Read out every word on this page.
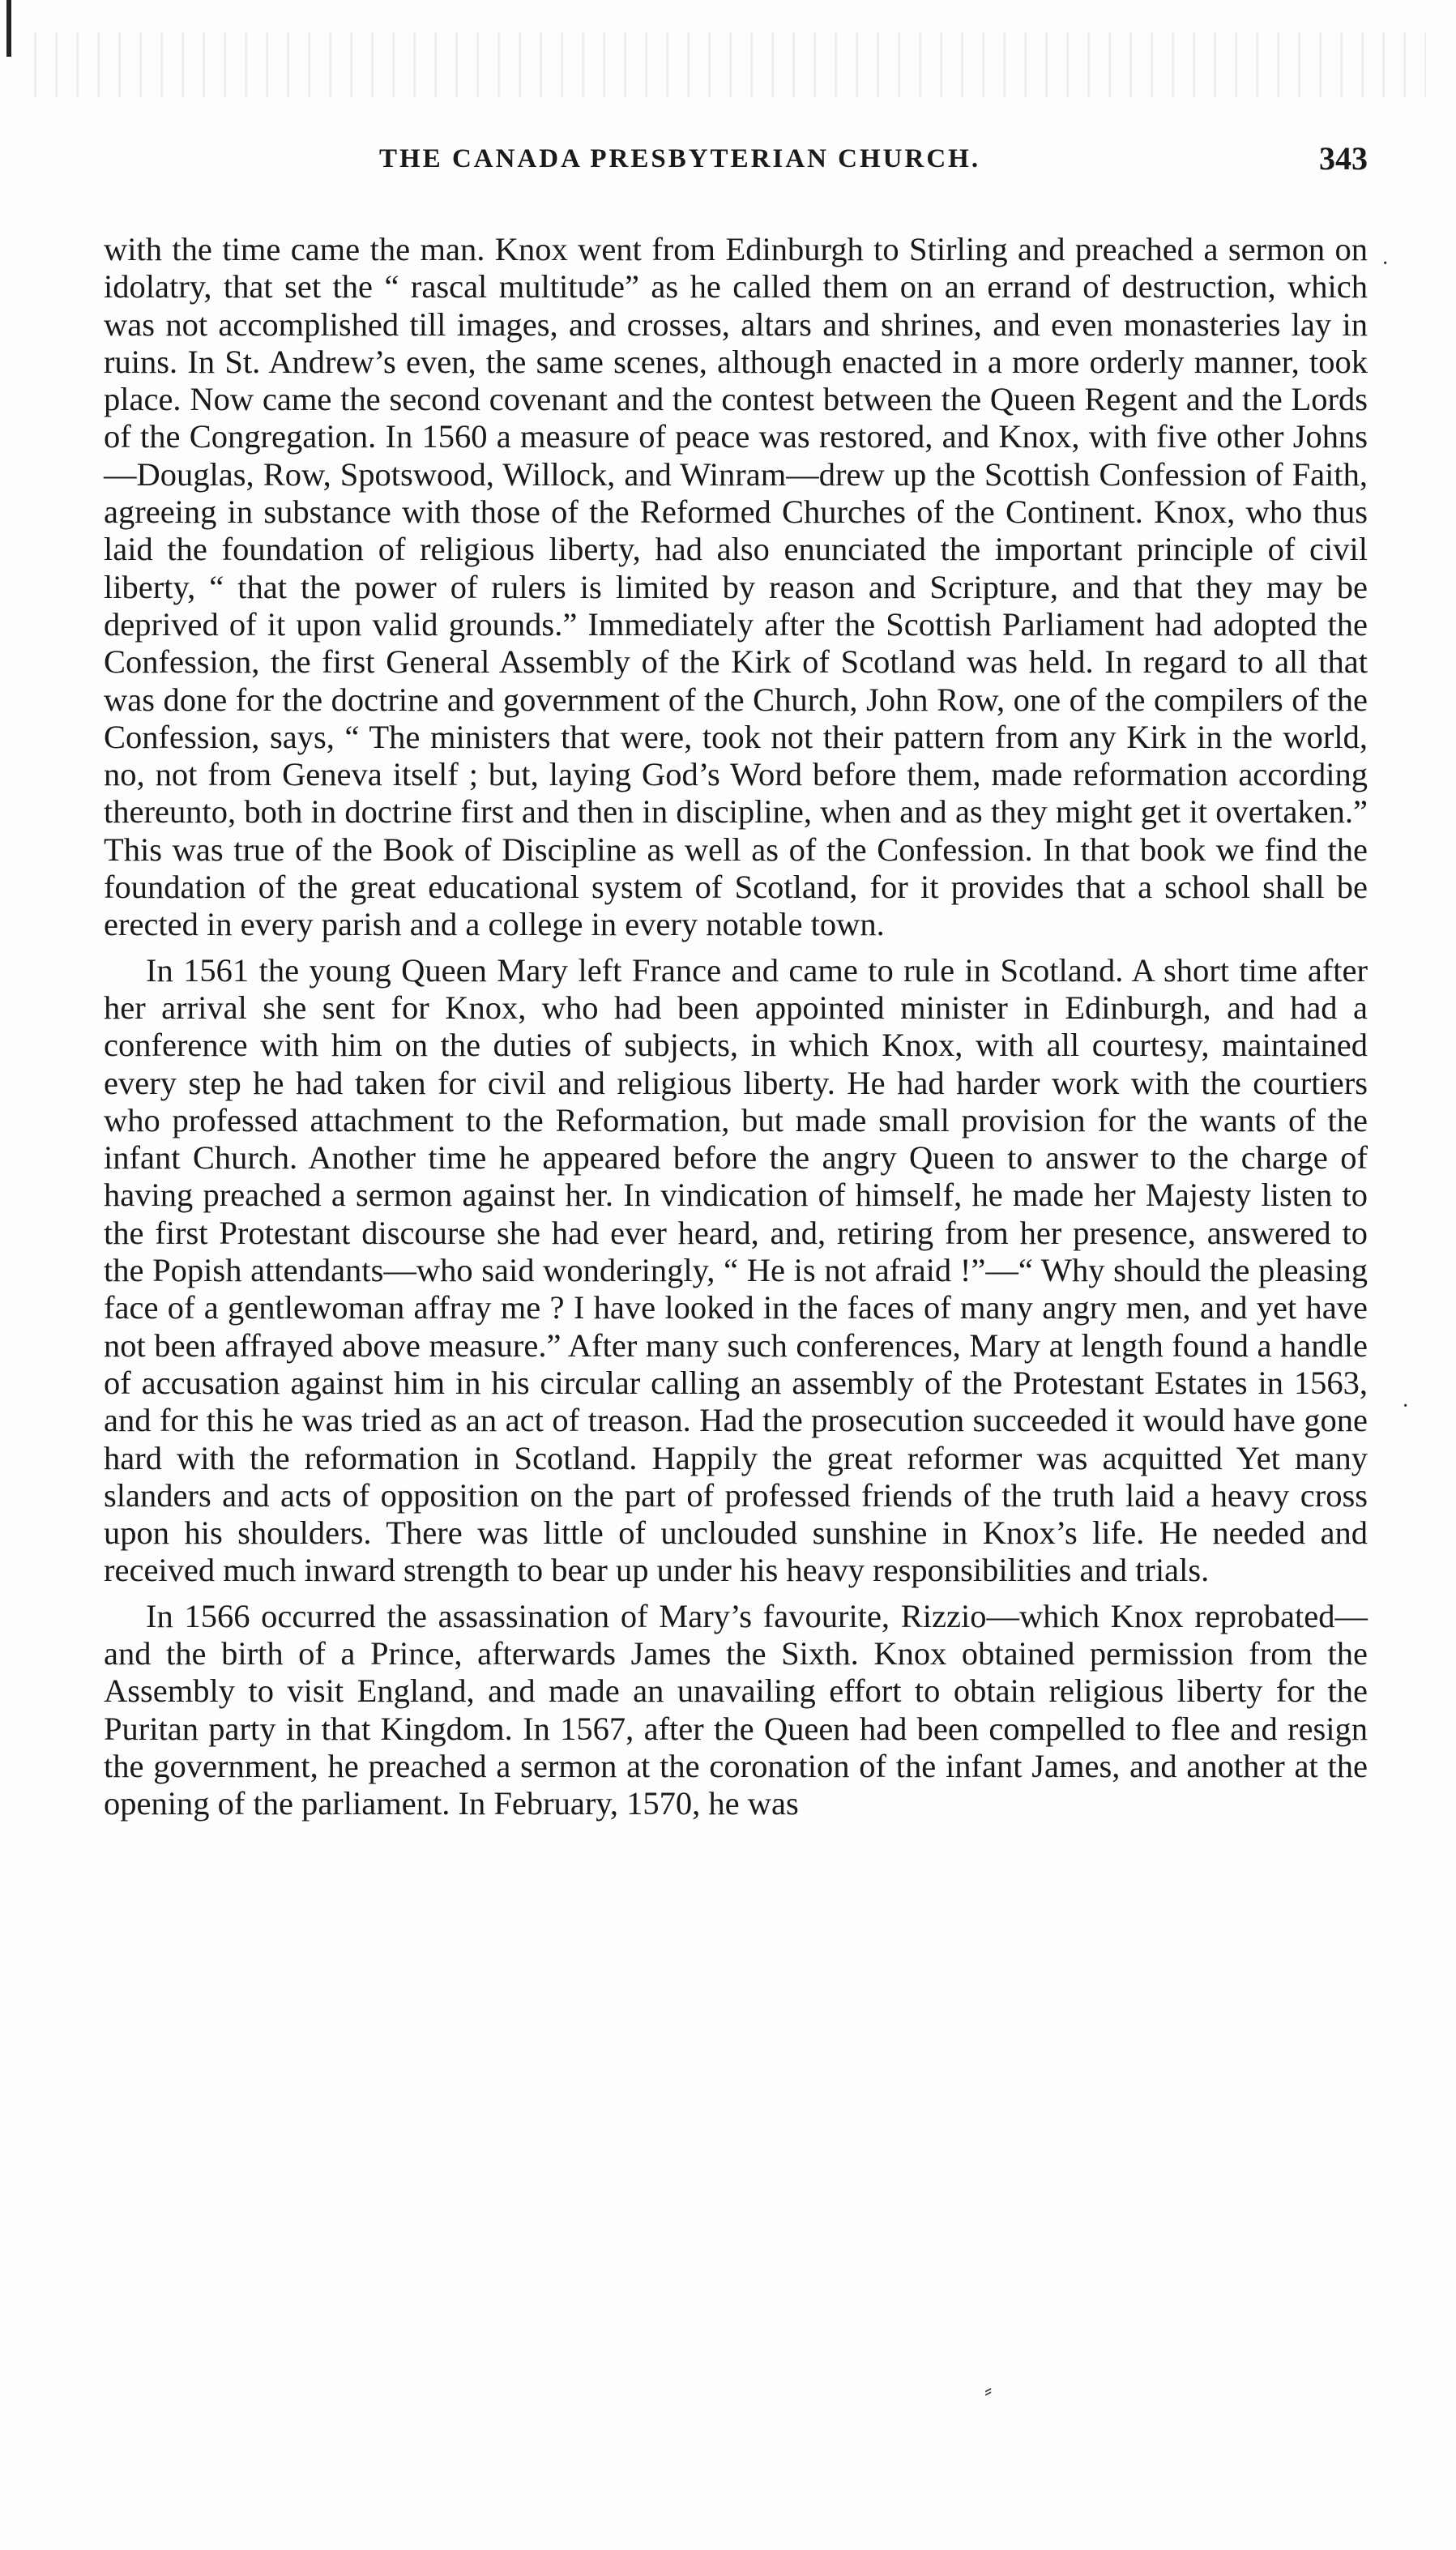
THE CANADA PRESBYTERIAN CHURCH.	343

with the time came the man. Knox went from Edinburgh to Stirling and preached a sermon on idolatry, that set the “ rascal multitude” as he called them on an errand of destruction, which was not accomplished till images, and crosses, altars and shrines, and even monasteries lay in ruins. In St. Andrew’s even, the same scenes, although enacted in a more orderly manner, took place. Now came the second covenant and the contest between the Queen Regent and the Lords of the Congregation. In 1560 a measure of peace was restored, and Knox, with five other Johns—Douglas, Row, Spotswood, Willock, and Winram—drew up the Scottish Confession of Faith, agreeing in substance with those of the Reformed Churches of the Continent. Knox, who thus laid the foundation of religious liberty, had also enunciated the important principle of civil liberty, “ that the power of rulers is limited by reason and Scripture, and that they may be deprived of it upon valid grounds.” Immediately after the Scottish Parliament had adopted the Confession, the first General Assembly of the Kirk of Scotland was held. In regard to all that was done for the doctrine and government of the Church, John Row, one of the compilers of the Confession, says, “ The ministers that were, took not their pattern from any Kirk in the world, no, not from Geneva itself ; but, laying God’s Word before them, made reformation according thereunto, both in doctrine first and then in discipline, when and as they might get it overtaken.” This was true of the Book of Discipline as well as of the Confession. In that book we find the foundation of the great educational system of Scotland, for it provides that a school shall be erected in every parish and a college in every notable town.

In 1561 the young Queen Mary left France and came to rule in Scotland. A short time after her arrival she sent for Knox, who had been appointed minister in Edinburgh, and had a conference with him on the duties of subjects, in which Knox, with all courtesy, maintained every step he had taken for civil and religious liberty. He had harder work with the courtiers who professed attachment to the Reformation, but made small provision for the wants of the infant Church. Another time he appeared before the angry Queen to answer to the charge of having preached a sermon against her. In vindication of himself, he made her Majesty listen to the first Protestant discourse she had ever heard, and, retiring from her presence, answered to the Popish attendants—who said wonderingly, “ He is not afraid !”—“ Why should the pleasing face of a gentlewoman affray me ? I have looked in the faces of many angry men, and yet have not been affrayed above measure.” After many such conferences, Mary at length found a handle of accusation against him in his circular calling an assembly of the Protestant Estates in 1563, and for this he was tried as an act of treason. Had the prosecution succeeded it would have gone hard with the reformation in Scotland. Happily the great reformer was acquitted Yet many slanders and acts of opposition on the part of professed friends of the truth laid a heavy cross upon his shoulders. There was little of unclouded sunshine in Knox’s life. He needed and received much inward strength to bear up under his heavy responsibilities and trials.

In 1566 occurred the assassination of Mary’s favourite, Rizzio—which Knox reprobated—and the birth of a Prince, afterwards James the Sixth. Knox obtained permission from the Assembly to visit England, and made an unavailing effort to obtain religious liberty for the Puritan party in that Kingdom. In 1567, after the Queen had been compelled to flee and resign the government, he preached a sermon at the coronation of the infant James, and another at the opening of the parliament. In February, 1570, he was

⸗
·
·
